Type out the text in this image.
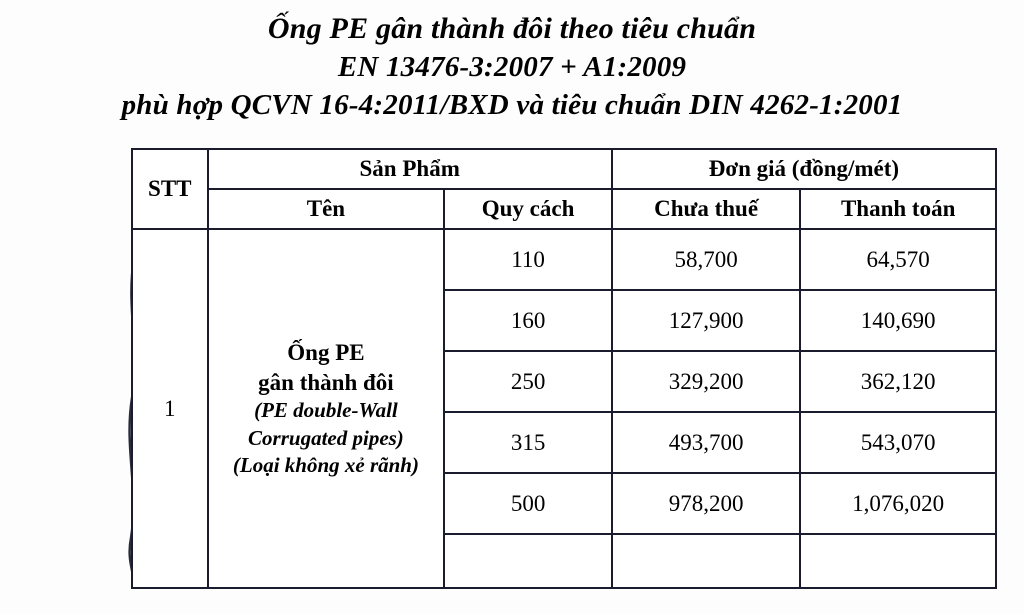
Ống PE gân thành đôi theo tiêu chuẩn
EN 13476-3:2007 + A1:2009
phù hợp QCVN 16-4:2011/BXD và tiêu chuẩn DIN 4262-1:2001
STT	Sản Phẩm		Đơn giá (đồng/mét)	
	Tên	Quy cách	Chưa thuế	Thanh toán
1	Ống PE
gân thành đôi
(PE double-Wall
Corrugated pipes)
(Loại không xẻ rãnh)	110	58,700	64,570
		160	127,900	140,690
		250	329,200	362,120
		315	493,700	543,070
		500	978,200	1,076,020
